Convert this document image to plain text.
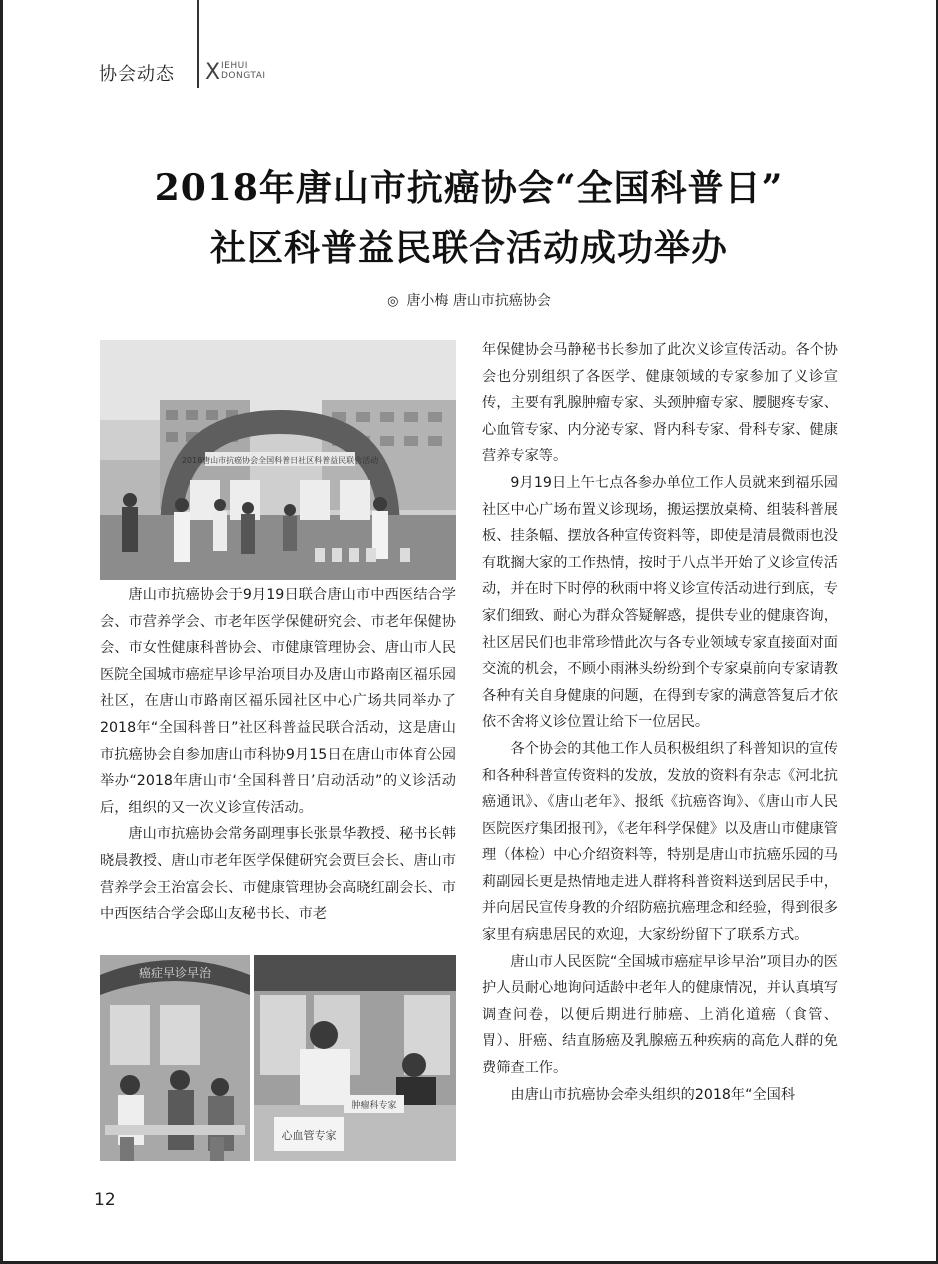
协会动态 X IEHUI
DONGTAI
2018年唐山市抗癌协会“全国科普日”
社区科普益民联合活动成功举办
◎ 唐小梅 唐山市抗癌协会
2018唐山市抗癌协会全国科普日社区科普益民联合活动

唐山市抗癌协会于9月19日联合唐山市中西医结合学会、市营养学会、市老年医学保健研究会、市老年保健协会、市女性健康科普协会、市健康管理协会、唐山市人民医院全国城市癌症早诊早治项目办及唐山市路南区福乐园社区，在唐山市路南区福乐园社区中心广场共同举办了2018年“全国科普日”社区科普益民联合活动，这是唐山市抗癌协会自参加唐山市科协9月15日在唐山市体育公园举办“2018年唐山市‘全国科普日’启动活动”的义诊活动后，组织的又一次义诊宣传活动。

唐山市抗癌协会常务副理事长张景华教授、秘书长韩晓晨教授、唐山市老年医学保健研究会贾巨会长、唐山市营养学会王治富会长、市健康管理协会高晓红副会长、市中西医结合学会邸山友秘书长、市老

癌症早诊早治
心血管专家
肿瘤科专家

年保健协会马静秘书长参加了此次义诊宣传活动。各个协会也分别组织了各医学、健康领域的专家参加了义诊宣传，主要有乳腺肿瘤专家、头颈肿瘤专家、腰腿疼专家、心血管专家、内分泌专家、肾内科专家、骨科专家、健康营养专家等。

9月19日上午七点各参办单位工作人员就来到福乐园社区中心广场布置义诊现场，搬运摆放桌椅、组装科普展板、挂条幅、摆放各种宣传资料等，即使是清晨微雨也没有耽搁大家的工作热情，按时于八点半开始了义诊宣传活动，并在时下时停的秋雨中将义诊宣传活动进行到底，专家们细致、耐心为群众答疑解惑，提供专业的健康咨询，社区居民们也非常珍惜此次与各专业领域专家直接面对面交流的机会，不顾小雨淋头纷纷到个专家桌前向专家请教各种有关自身健康的问题，在得到专家的满意答复后才依依不舍将义诊位置让给下一位居民。

各个协会的其他工作人员积极组织了科普知识的宣传和各种科普宣传资料的发放，发放的资料有杂志《河北抗癌通讯》、《唐山老年》、报纸《抗癌咨询》、《唐山市人民医院医疗集团报刊》，《老年科学保健》以及唐山市健康管理（体检）中心介绍资料等，特别是唐山市抗癌乐园的马莉副园长更是热情地走进人群将科普资料送到居民手中，并向居民宣传身教的介绍防癌抗癌理念和经验，得到很多家里有病患居民的欢迎，大家纷纷留下了联系方式。

唐山市人民医院“全国城市癌症早诊早治”项目办的医护人员耐心地询问适龄中老年人的健康情况，并认真填写调查问卷，以便后期进行肺癌、上消化道癌（食管、胃）、肝癌、结直肠癌及乳腺癌五种疾病的高危人群的免费筛查工作。

由唐山市抗癌协会牵头组织的2018年“全国科

12
